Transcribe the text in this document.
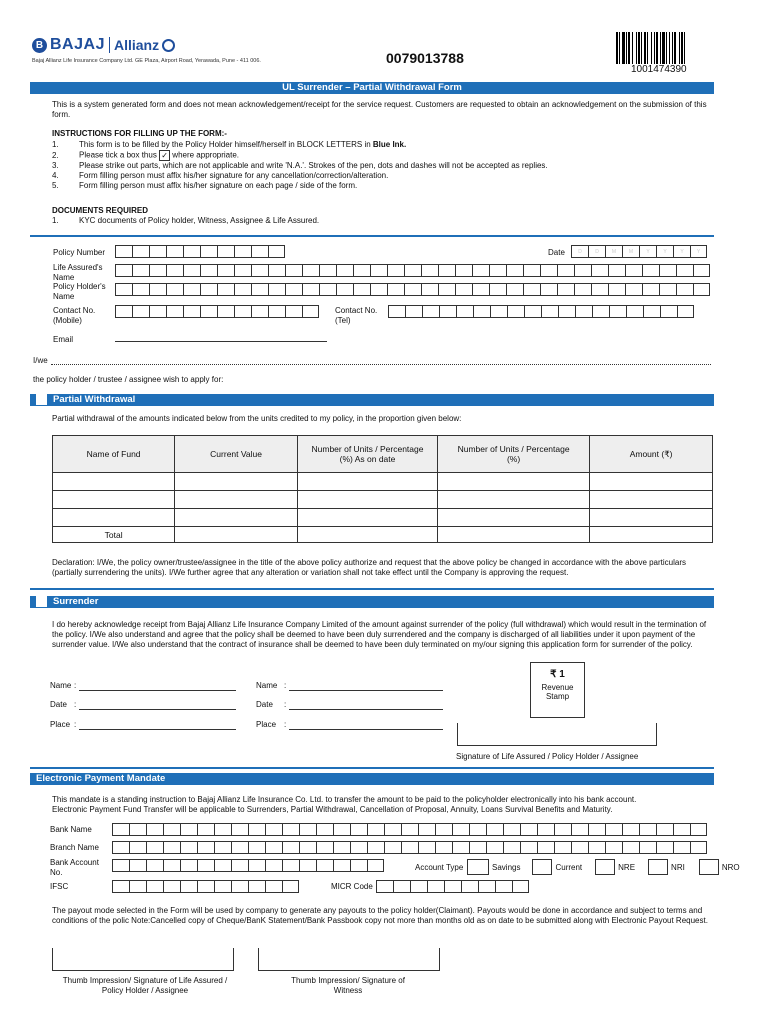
B BAJAJ Allianz
Bajaj Allianz Life Insurance Company Ltd. GE Plaza, Airport Road, Yerawada, Pune - 411 006.	0079013788
1001474390
UL Surrender – Partial Withdrawal Form
This is a system generated form and does not mean acknowledgement/receipt for the service request. Customers are requested to obtain an acknowledgement on the submission of this form.
INSTRUCTIONS FOR FILLING UP THE FORM:-
1.	This form is to be filled by the Policy Holder himself/herself in BLOCK LETTERS in Blue Ink.
2.	Please tick a box thus ✓ where appropriate.
3.	Please strike out parts, which are not applicable and write 'N.A.'. Strokes of the pen, dots and dashes will not be accepted as replies.
4.	Form filling person must affix his/her signature for any cancellation/correction/alteration.
5.	Form filling person must affix his/her signature on each page / side of the form.
DOCUMENTS REQUIRED
1.	KYC documents of Policy holder, Witness, Assignee & Life Assured.
Policy Number	Date	D	D	M	M	Y	Y	Y	Y
Life Assured's Name
Policy Holder's Name
Contact No. (Mobile)
Contact No. (Tel)
Email
I/we
the policy holder / trustee / assignee wish to apply for:
Partial Withdrawal
Partial withdrawal of the amounts indicated below from the units credited to my policy, in the proportion given below:
Name of Fund	Current Value	Number of Units / Percentage (%) As on date	Number of Units / Percentage (%)	Amount (₹)

Total				
Declaration: I/We, the policy owner/trustee/assignee in the title of the above policy authorize and request that the above policy be changed in accordance with the above particulars (partially surrendering the units). I/We further agree that any alteration or variation shall not take effect until the Company is approving the request.
Surrender
I do hereby acknowledge receipt from Bajaj Allianz Life Insurance Company Limited of the amount against surrender of the policy (full withdrawal) which would result in the termination of the policy. I/We also understand and agree that the policy shall be deemed to have been duly surrendered and the company is discharged of all liabilities under it upon payment of the surrender value. I/We also understand that the contract of insurance shall be deemed to have been duly terminated on my/our signing this application form for surrender of the policy.
Name :
Date :
Place :
Name :
Date :
Place :
₹ 1
Revenue Stamp
Signature of Life Assured / Policy Holder / Assignee
Electronic Payment Mandate
This mandate is a standing instruction to Bajaj Allianz Life Insurance Co. Ltd. to transfer the amount to be paid to the policyholder electronically into his bank account. Electronic Payment Fund Transfer will be applicable to Surrenders, Partial Withdrawal, Cancellation of Proposal, Annuity, Loans Survival Benefits and Maturity.
Bank Name
Branch Name
Bank Account No.
Account Type	Savings	Current	NRE	NRI	NRO
IFSC	MICR Code
The payout mode selected in the Form will be used by company to generate any payouts to the policy holder(Claimant). Payouts would be done in accordance and subject to terms and conditions of the polic Note:Cancelled copy of Cheque/BanK Statement/Bank Passbook copy not more than months old as on date to be submitted along with Electronic Payout Request.
Thumb Impression/ Signature of Life Assured / Policy Holder / Assignee
Thumb Impression/ Signature of Witness
